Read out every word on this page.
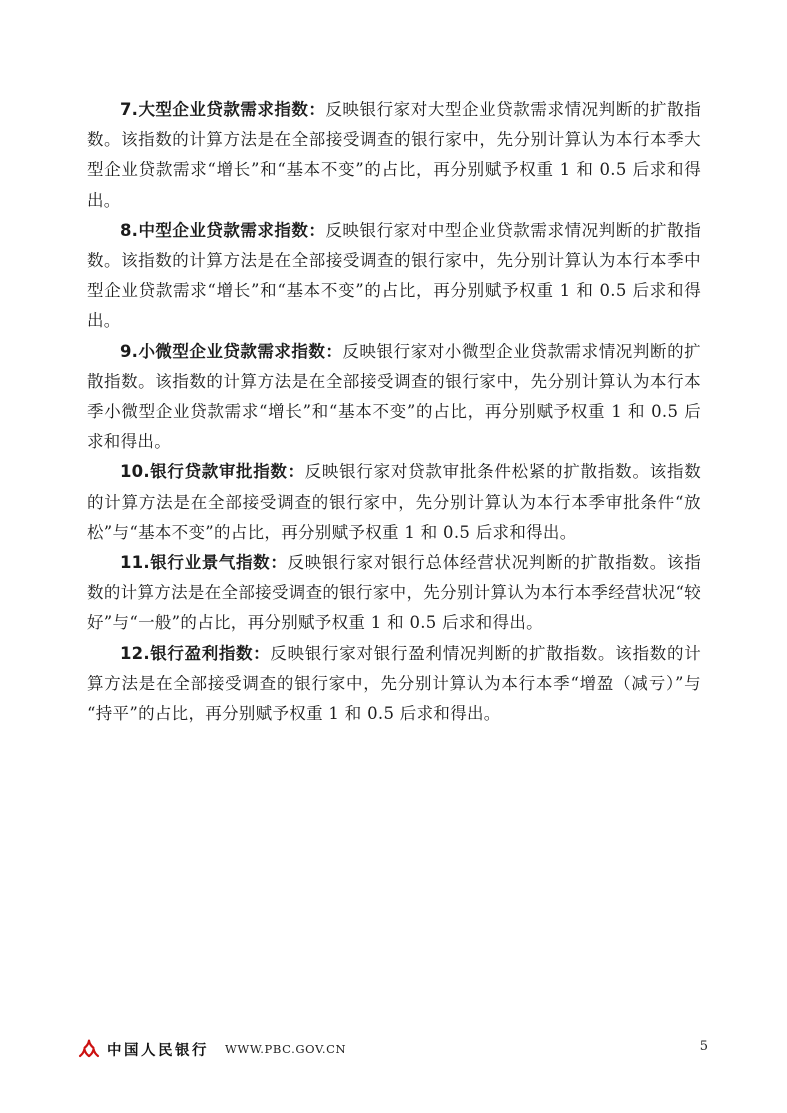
7.大型企业贷款需求指数：反映银行家对大型企业贷款需求情况判断的扩散指数。该指数的计算方法是在全部接受调查的银行家中，先分别计算认为本行本季大型企业贷款需求“增长”和“基本不变”的占比，再分别赋予权重 1 和 0.5 后求和得出。

8.中型企业贷款需求指数：反映银行家对中型企业贷款需求情况判断的扩散指数。该指数的计算方法是在全部接受调查的银行家中，先分别计算认为本行本季中型企业贷款需求“增长”和“基本不变”的占比，再分别赋予权重 1 和 0.5 后求和得出。

9.小微型企业贷款需求指数：反映银行家对小微型企业贷款需求情况判断的扩散指数。该指数的计算方法是在全部接受调查的银行家中，先分别计算认为本行本季小微型企业贷款需求“增长”和“基本不变”的占比，再分别赋予权重 1 和 0.5 后求和得出。

10.银行贷款审批指数：反映银行家对贷款审批条件松紧的扩散指数。该指数的计算方法是在全部接受调查的银行家中，先分别计算认为本行本季审批条件“放松”与“基本不变”的占比，再分别赋予权重 1 和 0.5 后求和得出。

11.银行业景气指数：反映银行家对银行总体经营状况判断的扩散指数。该指数的计算方法是在全部接受调查的银行家中，先分别计算认为本行本季经营状况“较好”与“一般”的占比，再分别赋予权重 1 和 0.5 后求和得出。

12.银行盈利指数：反映银行家对银行盈利情况判断的扩散指数。该指数的计算方法是在全部接受调查的银行家中，先分别计算认为本行本季“增盈（减亏）”与“持平”的占比，再分别赋予权重 1 和 0.5 后求和得出。

中国人民银行 WWW.PBC.GOV.CN	5
